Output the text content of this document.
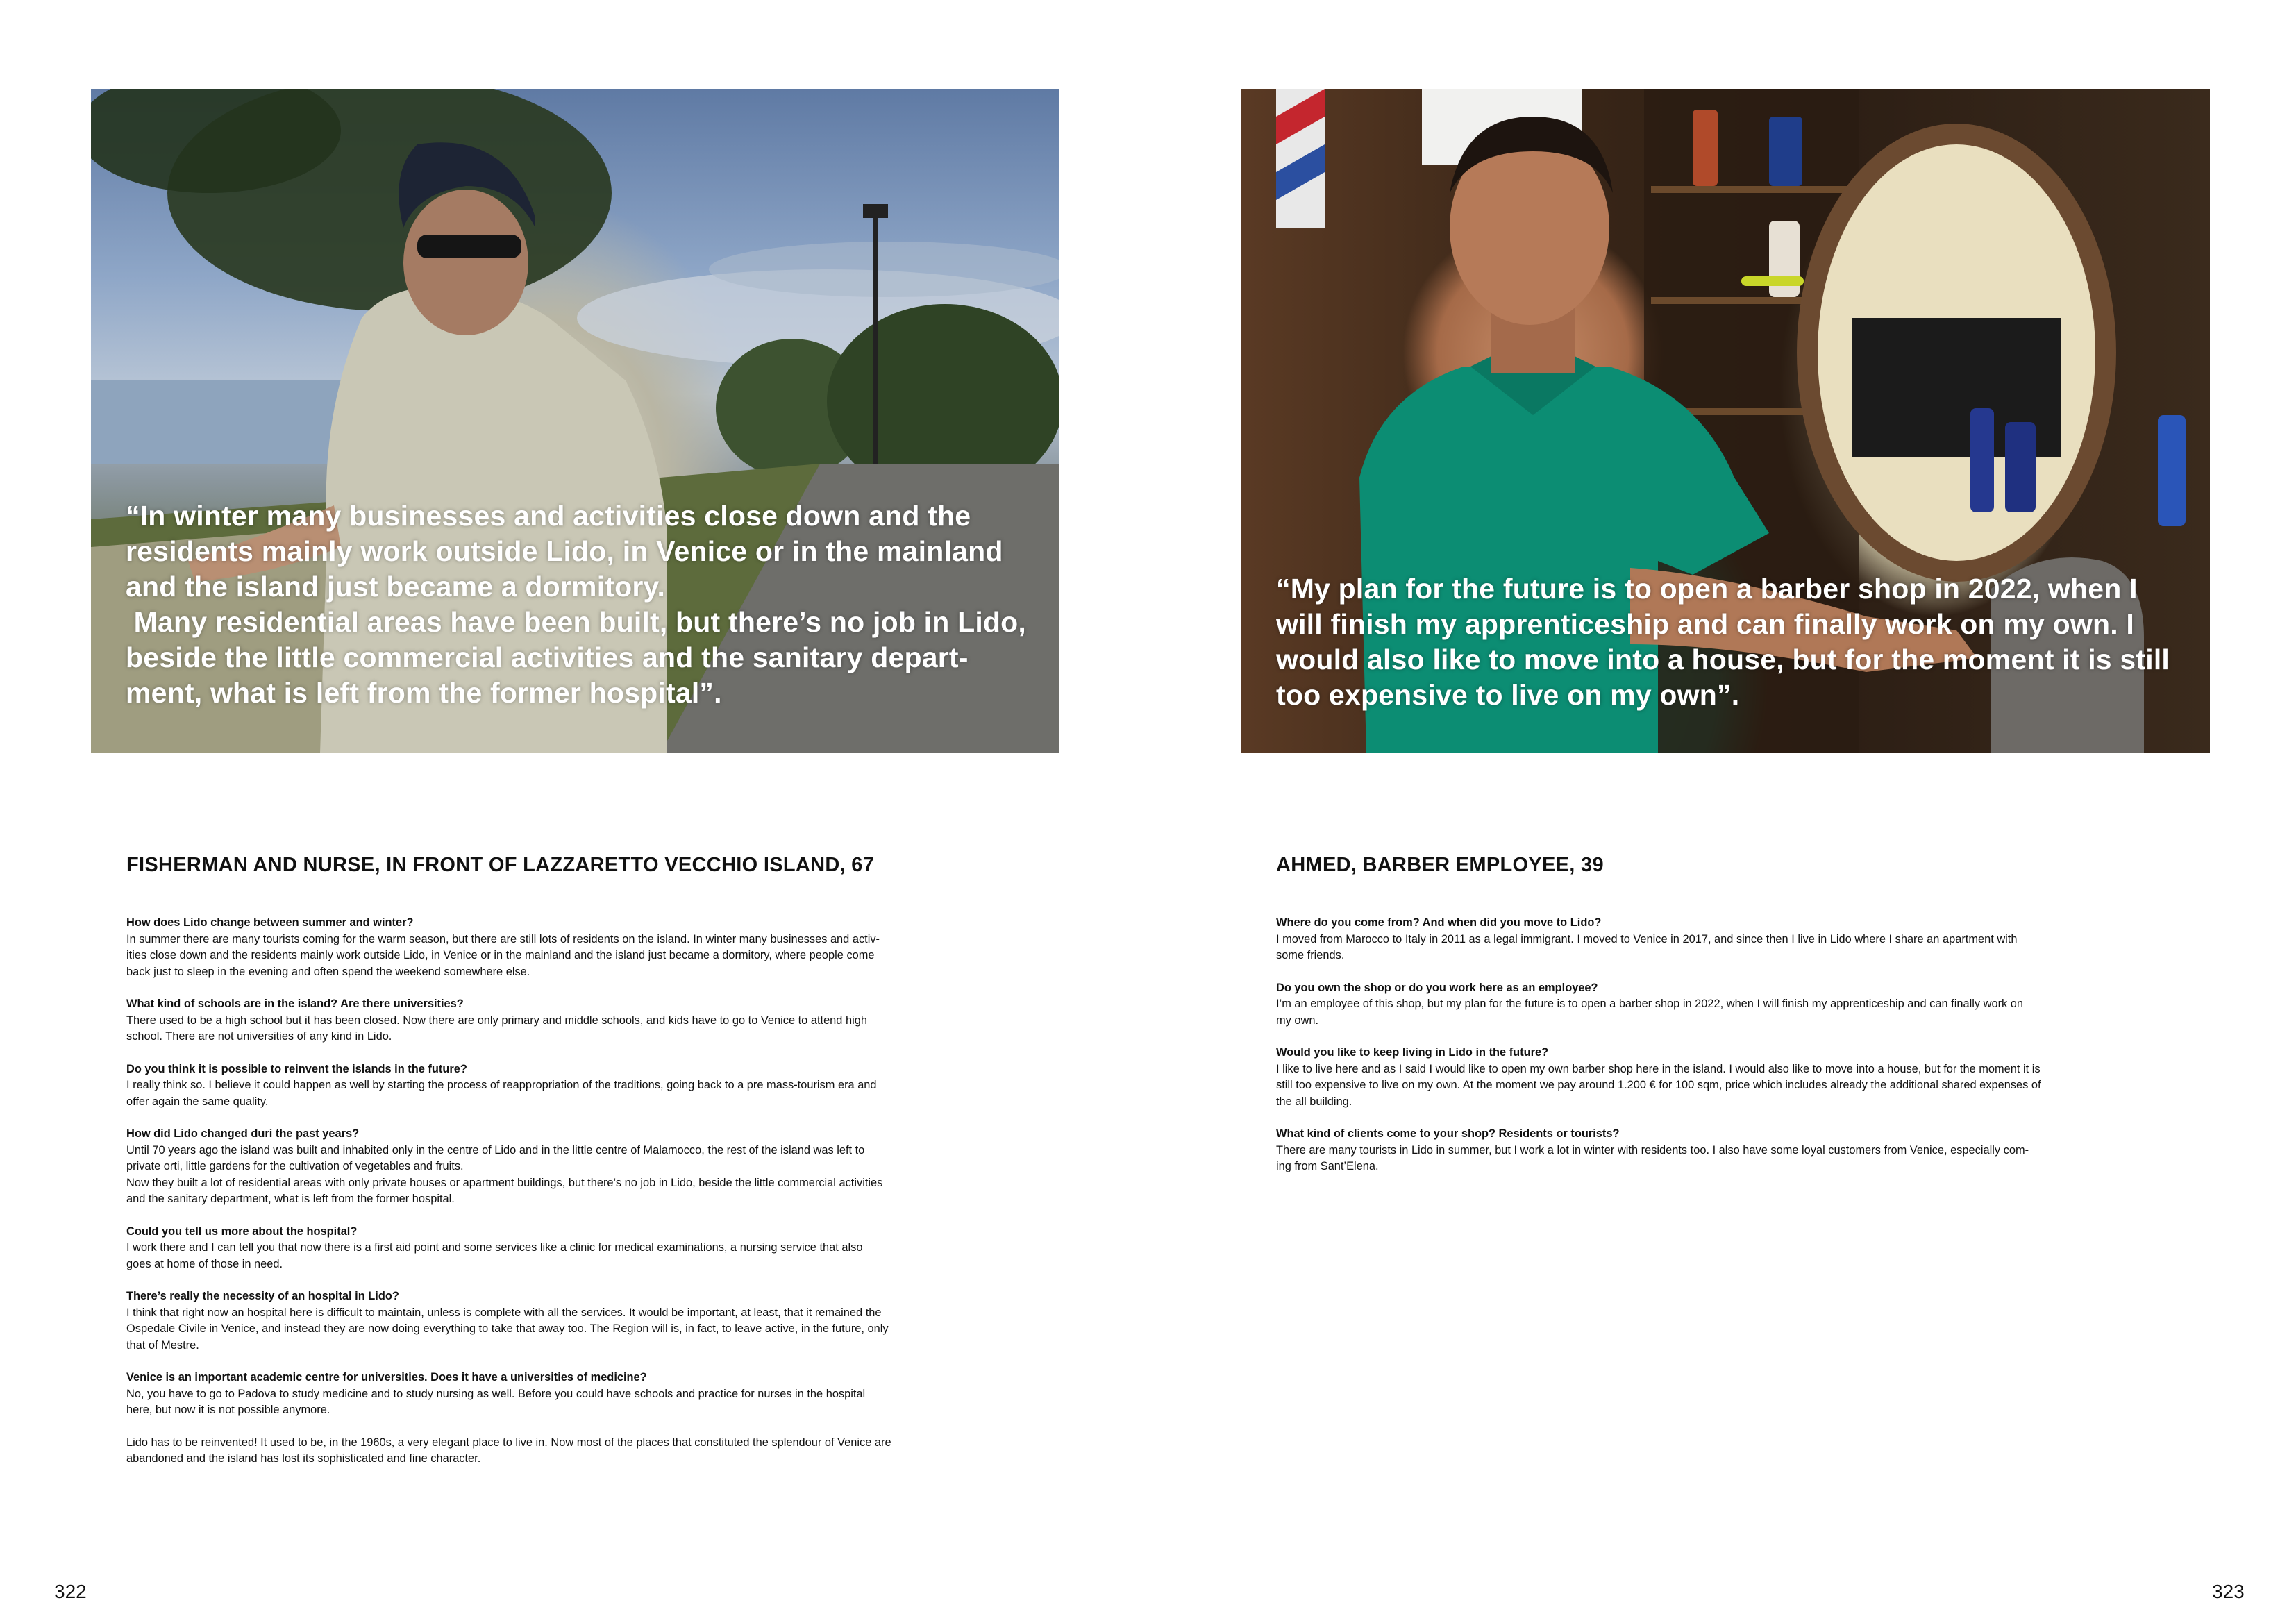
“In winter many businesses and activities close down and the
residents mainly work outside Lido, in Venice or in the mainland
and the island just became a dormitory.
Many residential areas have been built, but there’s no job in Lido,
beside the little commercial activities and the sanitary depart-
ment, what is left from the former hospital”.

FISHERMAN AND NURSE, IN FRONT OF LAZZARETTO VECCHIO ISLAND, 67

How does Lido change between summer and winter?

In summer there are many tourists coming for the warm season, but there are still lots of residents on the island. In winter many businesses and activ-
ities close down and the residents mainly work outside Lido, in Venice or in the mainland and the island just became a dormitory, where people come
back just to sleep in the evening and often spend the weekend somewhere else.

What kind of schools are in the island? Are there universities?

There used to be a high school but it has been closed. Now there are only primary and middle schools, and kids have to go to Venice to attend high
school. There are not universities of any kind in Lido.

Do you think it is possible to reinvent the islands in the future?

I really think so. I believe it could happen as well by starting the process of reappropriation of the traditions, going back to a pre mass-tourism era and
offer again the same quality.

How did Lido changed duri the past years?

Until 70 years ago the island was built and inhabited only in the centre of Lido and in the little centre of Malamocco, the rest of the island was left to
private orti, little gardens for the cultivation of vegetables and fruits.
Now they built a lot of residential areas with only private houses or apartment buildings, but there’s no job in Lido, beside the little commercial activities
and the sanitary department, what is left from the former hospital.

Could you tell us more about the hospital?

I work there and I can tell you that now there is a first aid point and some services like a clinic for medical examinations, a nursing service that also
goes at home of those in need.

There’s really the necessity of an hospital in Lido?

I think that right now an hospital here is difficult to maintain, unless is complete with all the services. It would be important, at least, that it remained the
Ospedale Civile in Venice, and instead they are now doing everything to take that away too. The Region will is, in fact, to leave active, in the future, only
that of Mestre.

Venice is an important academic centre for universities. Does it have a universities of medicine?

No, you have to go to Padova to study medicine and to study nursing as well. Before you could have schools and practice for nurses in the hospital
here, but now it is not possible anymore.

Lido has to be reinvented! It used to be, in the 1960s, a very elegant place to live in. Now most of the places that constituted the splendour of Venice are
abandoned and the island has lost its sophisticated and fine character.

322

“My plan for the future is to open a barber shop in 2022, when I
will finish my apprenticeship and can finally work on my own. I
would also like to move into a house, but for the moment it is still
too expensive to live on my own”.

AHMED, BARBER EMPLOYEE, 39

Where do you come from? And when did you move to Lido?

I moved from Marocco to Italy in 2011 as a legal immigrant. I moved to Venice in 2017, and since then I live in Lido where I share an apartment with
some friends.

Do you own the shop or do you work here as an employee?

I’m an employee of this shop, but my plan for the future is to open a barber shop in 2022, when I will finish my apprenticeship and can finally work on
my own.

Would you like to keep living in Lido in the future?

I like to live here and as I said I would like to open my own barber shop here in the island. I would also like to move into a house, but for the moment it is
still too expensive to live on my own. At the moment we pay around 1.200 € for 100 sqm, price which includes already the additional shared expenses of
the all building.

What kind of clients come to your shop? Residents or tourists?

There are many tourists in Lido in summer, but I work a lot in winter with residents too. I also have some loyal customers from Venice, especially com-
ing from Sant’Elena.

323
